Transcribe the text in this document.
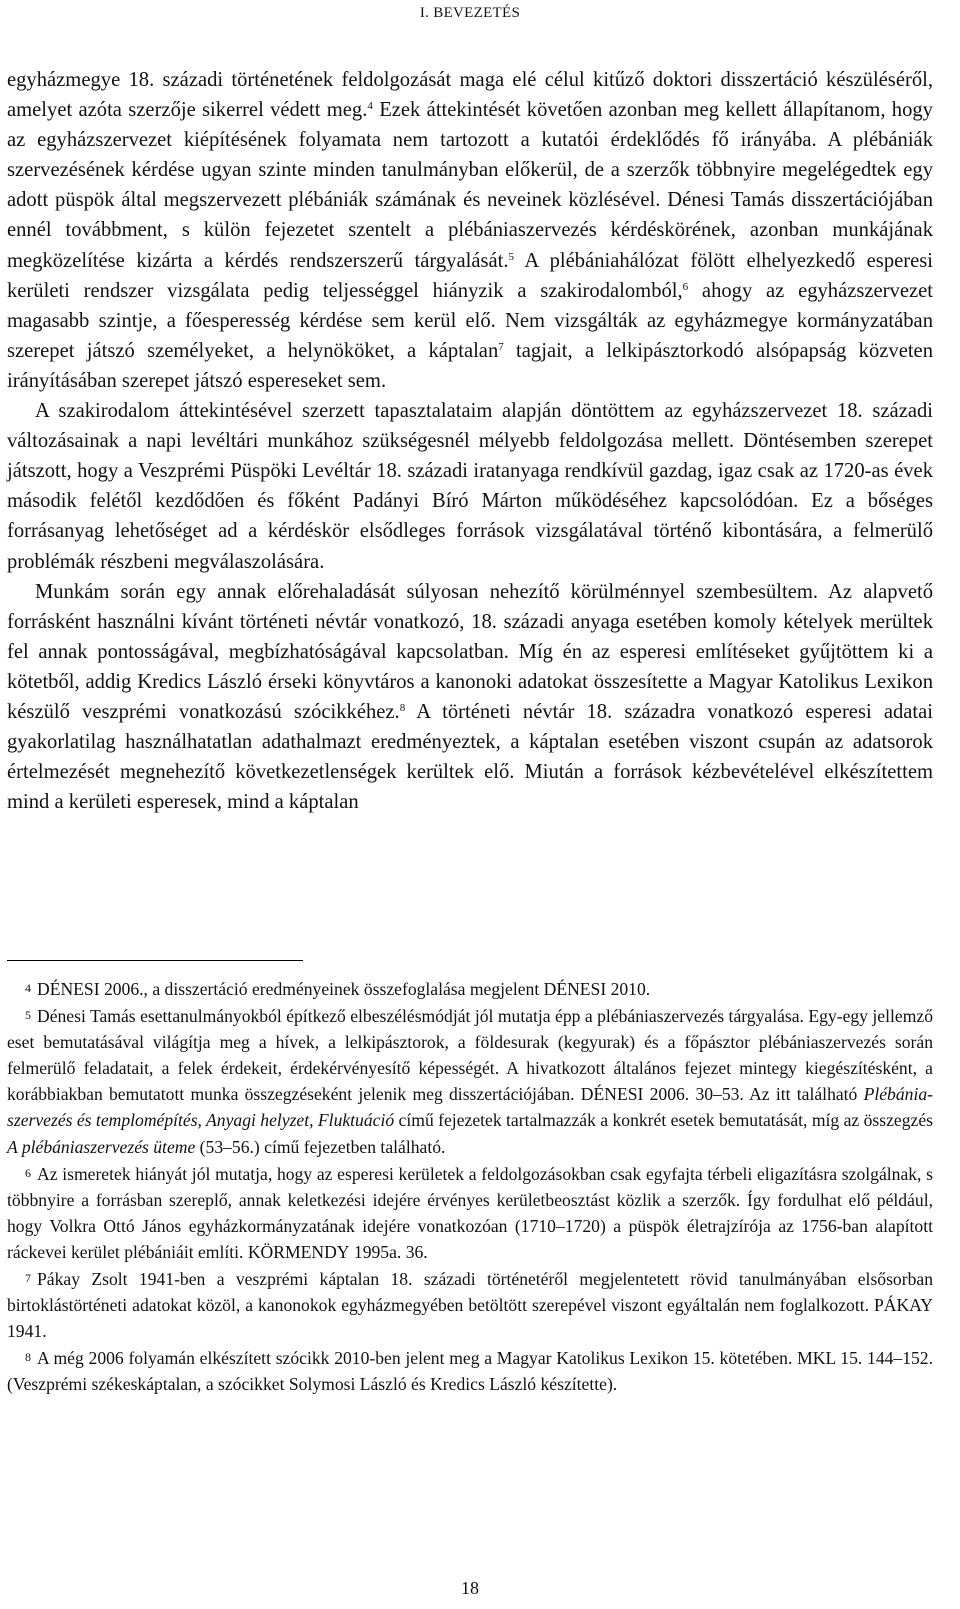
I. BEVEZETÉS

egyházmegye 18. századi történetének feldolgozását maga elé célul kitűző doktori disszertáció készüléséről, amelyet azóta szerzője sikerrel védett meg.$^4$ Ezek áttekintését követően azonban meg kellett állapítanom, hogy az egyházszervezet kiépítésének folyamata nem tartozott a kutatói érdeklődés fő irányába. A plébániák szervezésének kérdése ugyan szinte minden tanulmányban előkerül, de a szerzők többnyire megelégedtek egy adott püspök által megszervezett plébániák számának és neveinek közlésével. Dénesi Tamás disszertációjában ennél továbbment, s külön fejezetet szentelt a plébániaszervezés kérdéskörének, azonban munkájának megközelítése kizárta a kérdés rendszerszerű tárgyalását.$^5$ A plébániahálózat fölött elhelyezkedő esperesi kerületi rendszer vizsgálata pedig teljességgel hiányzik a szakirodalomból,$^6$ ahogy az egyházszervezet magasabb szintje, a főesperesség kérdése sem kerül elő. Nem vizsgálták az egyházmegye kormányzatában szerepet játszó személyeket, a helynököket, a káptalan$^7$ tagjait, a lelkipásztorkodó alsópapság közveten irányításában szerepet játszó espereseket sem.

A szakirodalom áttekintésével szerzett tapasztalataim alapján döntöttem az egyházszervezet 18. századi változásainak a napi levéltári munkához szükségesnél mélyebb feldolgozása mellett. Döntésemben szerepet játszott, hogy a Veszprémi Püspöki Levéltár 18. századi iratanyaga rendkívül gazdag, igaz csak az 1720-as évek második felétől kezdődően és főként Padányi Bíró Márton működéséhez kapcsolódóan. Ez a bőséges forrásanyag lehetőséget ad a kérdéskör elsődleges források vizsgálatával történő kibontására, a felmerülő problémák részbeni megválaszolására.

Munkám során egy annak előrehaladását súlyosan nehezítő körülménnyel szembesültem. Az alapvető forrásként használni kívánt történeti névtár vonatkozó, 18. századi anyaga esetében komoly kételyek merültek fel annak pontosságával, megbízhatóságával kapcsolatban. Míg én az esperesi említéseket gyűjtöttem ki a kötetből, addig Kredics László érseki könyvtáros a kanonoki adatokat összesítette a Magyar Katolikus Lexikon készülő veszprémi vonatkozású szócikkéhez.$^8$ A történeti névtár 18. századra vonatkozó esperesi adatai gyakorlatilag használhatatlan adathalmazt eredményeztek, a káptalan esetében viszont csupán az adatsorok értelmezését megnehezítő következetlenségek kerültek elő. Miután a források kézbevételével elkészítettem mind a kerületi esperesek, mind a káptalan

4 DÉNESI 2006., a disszertáció eredményeinek összefoglalása megjelent DÉNESI 2010.

5 Dénesi Tamás esettanulmányokból építkező elbeszélésmódját jól mutatja épp a plébániaszervezés tárgyalása. Egy-egy jellemző eset bemutatásával világítja meg a hívek, a lelkipásztorok, a földesurak (kegyurak) és a főpásztor plébániaszervezés során felmerülő feladatait, a felek érdekeit, érdekérvényesítő képességét. A hivatkozott általános fejezet mintegy kiegészítésként, a korábbiakban bemutatott munka összegzéseként jelenik meg disszertációjában. DÉNESI 2006. 30–53. Az itt található Plébániaszervezés és templomépítés, Anyagi helyzet, Fluktuáció című fejezetek tartalmazzák a konkrét esetek bemutatását, míg az összegzés A plébániaszervezés üteme (53–56.) című fejezetben található.

6 Az ismeretek hiányát jól mutatja, hogy az esperesi kerületek a feldolgozásokban csak egyfajta térbeli eligazításra szolgálnak, s többnyire a forrásban szereplő, annak keletkezési idejére érvényes kerületbeosztást közlik a szerzők. Így fordulhat elő például, hogy Volkra Ottó János egyházkormányzatának idejére vonatkozóan (1710–1720) a püspök életrajzírója az 1756-ban alapított ráckevei kerület plébániáit említi. KÖRMENDY 1995a. 36.

7 Pákay Zsolt 1941-ben a veszprémi káptalan 18. századi történetéről megjelentetett rövid tanulmányában elsősorban birtoklástörténeti adatokat közöl, a kanonokok egyházmegyében betöltött szerepével viszont egyáltalán nem foglalkozott. PÁKAY 1941.

8 A még 2006 folyamán elkészített szócikk 2010-ben jelent meg a Magyar Katolikus Lexikon 15. kötetében. MKL 15. 144–152. (Veszprémi székeskáptalan, a szócikket Solymosi László és Kredics László készítette).

18
